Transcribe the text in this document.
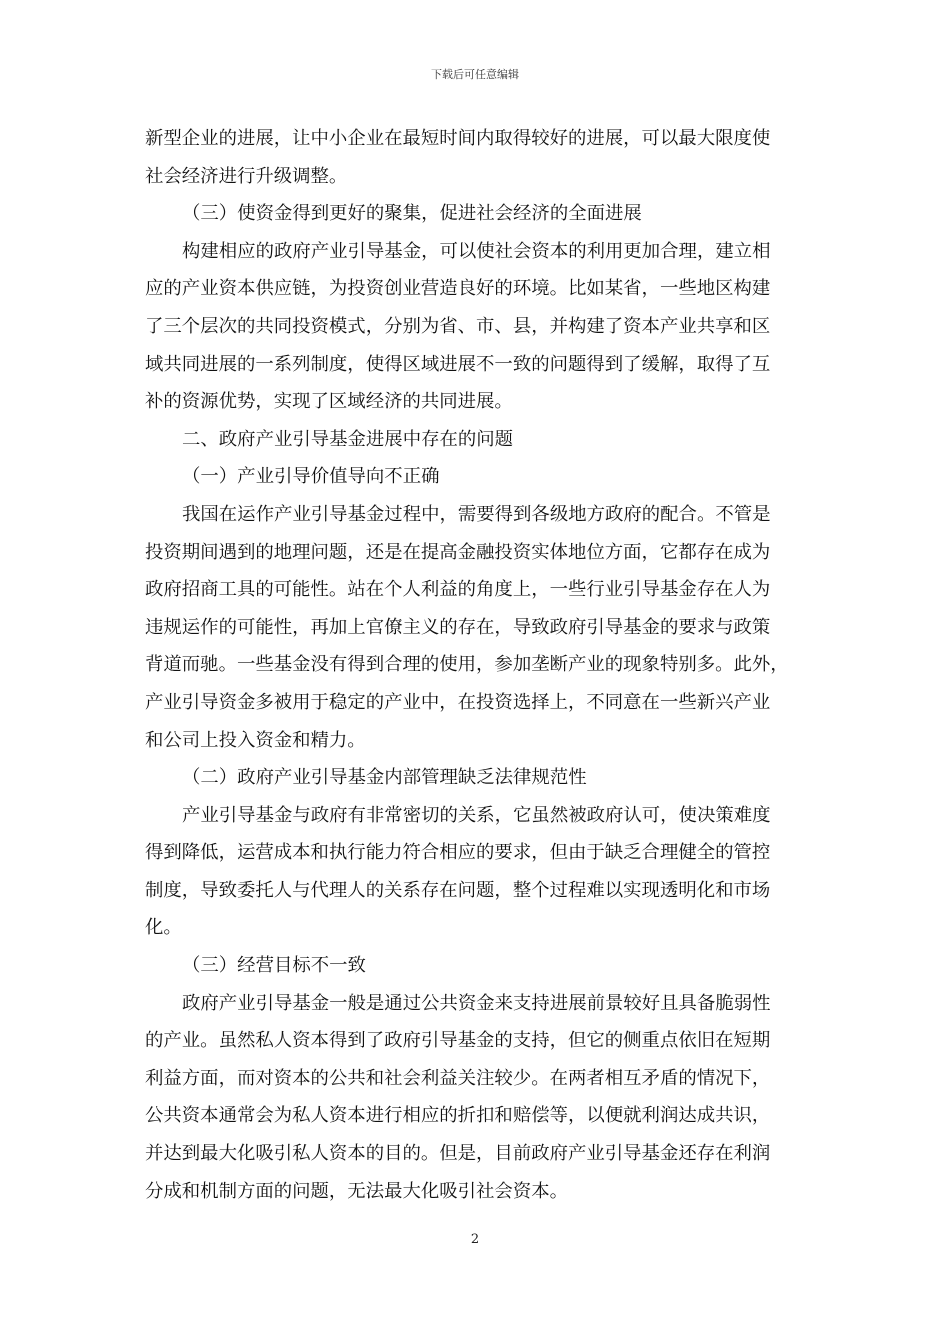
下载后可任意编辑
新型企业的进展，让中小企业在最短时间内取得较好的进展，可以最大限度使
社会经济进行升级调整。
（三）使资金得到更好的聚集，促进社会经济的全面进展
构建相应的政府产业引导基金，可以使社会资本的利用更加合理，建立相
应的产业资本供应链，为投资创业营造良好的环境。比如某省，一些地区构建
了三个层次的共同投资模式，分别为省、市、县，并构建了资本产业共享和区
域共同进展的一系列制度，使得区域进展不一致的问题得到了缓解，取得了互
补的资源优势，实现了区域经济的共同进展。
二、政府产业引导基金进展中存在的问题
（一）产业引导价值导向不正确
我国在运作产业引导基金过程中，需要得到各级地方政府的配合。不管是
投资期间遇到的地理问题，还是在提高金融投资实体地位方面，它都存在成为
政府招商工具的可能性。站在个人利益的角度上，一些行业引导基金存在人为
违规运作的可能性，再加上官僚主义的存在，导致政府引导基金的要求与政策
背道而驰。一些基金没有得到合理的使用，参加垄断产业的现象特别多。此外，
产业引导资金多被用于稳定的产业中，在投资选择上，不同意在一些新兴产业
和公司上投入资金和精力。
（二）政府产业引导基金内部管理缺乏法律规范性
产业引导基金与政府有非常密切的关系，它虽然被政府认可，使决策难度
得到降低，运营成本和执行能力符合相应的要求，但由于缺乏合理健全的管控
制度，导致委托人与代理人的关系存在问题，整个过程难以实现透明化和市场
化。
（三）经营目标不一致
政府产业引导基金一般是通过公共资金来支持进展前景较好且具备脆弱性
的产业。虽然私人资本得到了政府引导基金的支持，但它的侧重点依旧在短期
利益方面，而对资本的公共和社会利益关注较少。在两者相互矛盾的情况下，
公共资本通常会为私人资本进行相应的折扣和赔偿等，以便就利润达成共识，
并达到最大化吸引私人资本的目的。但是，目前政府产业引导基金还存在利润
分成和机制方面的问题，无法最大化吸引社会资本。
2
